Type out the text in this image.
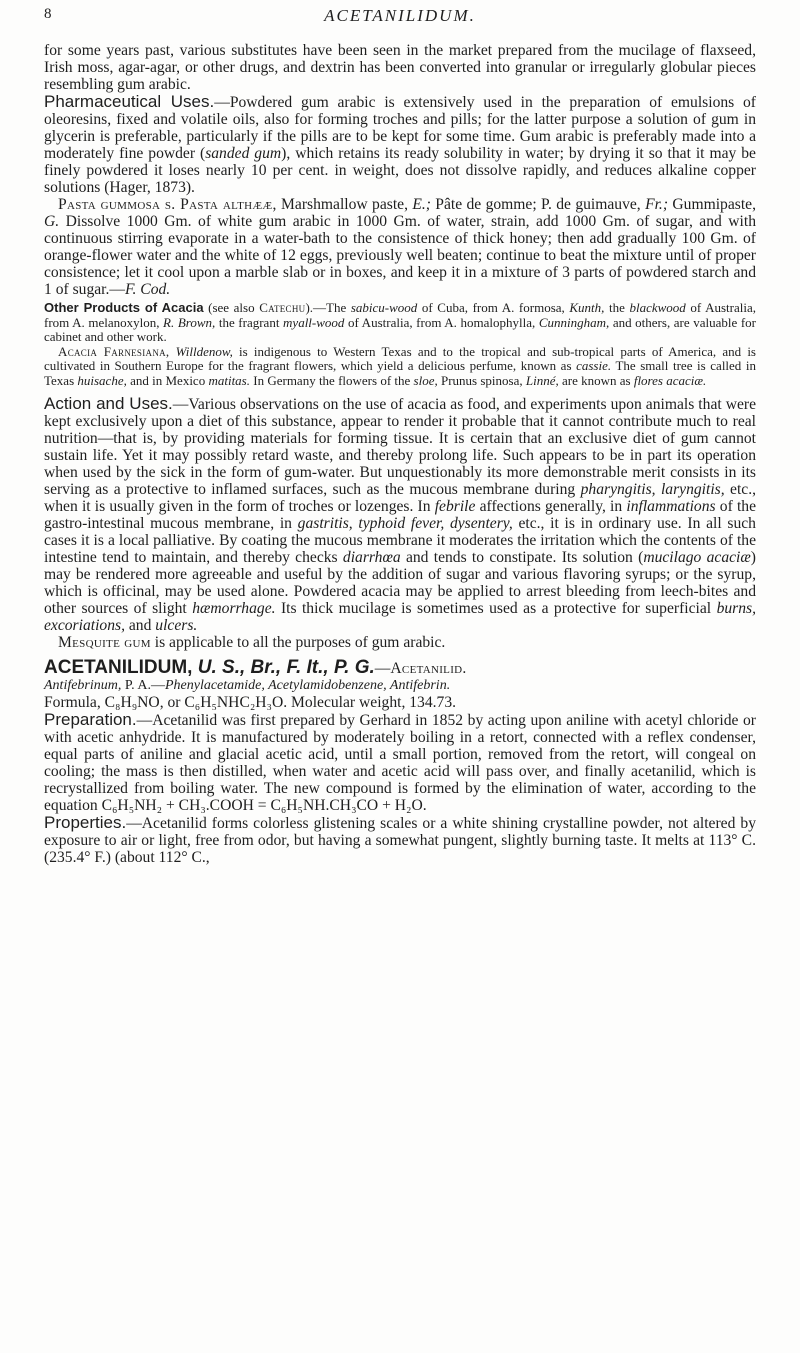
8	ACETANILIDUM.

for some years past, various substitutes have been seen in the market prepared from the mucilage of flaxseed, Irish moss, agar-agar, or other drugs, and dextrin has been converted into granular or irregularly globular pieces resembling gum arabic.

Pharmaceutical Uses.—Powdered gum arabic is extensively used in the preparation of emulsions of oleoresins, fixed and volatile oils, also for forming troches and pills; for the latter purpose a solution of gum in glycerin is preferable, particularly if the pills are to be kept for some time. Gum arabic is preferably made into a moderately fine powder (sanded gum), which retains its ready solubility in water; by drying it so that it may be finely powdered it loses nearly 10 per cent. in weight, does not dissolve rapidly, and reduces alkaline copper solutions (Hager, 1873).

Pasta gummosa s. Pasta althææ, Marshmallow paste, E.; Pâte de gomme; P. de guimauve, Fr.; Gummipaste, G. Dissolve 1000 Gm. of white gum arabic in 1000 Gm. of water, strain, add 1000 Gm. of sugar, and with continuous stirring evaporate in a water-bath to the consistence of thick honey; then add gradually 100 Gm. of orange-flower water and the white of 12 eggs, previously well beaten; continue to beat the mixture until of proper consistence; let it cool upon a marble slab or in boxes, and keep it in a mixture of 3 parts of powdered starch and 1 of sugar.—F. Cod.

Other Products of Acacia (see also Catechu).—The sabicu-wood of Cuba, from A. formosa, Kunth, the blackwood of Australia, from A. melanoxylon, R. Brown, the fragrant myall-wood of Australia, from A. homalophylla, Cunningham, and others, are valuable for cabinet and other work.

Acacia Farnesiana, Willdenow, is indigenous to Western Texas and to the tropical and sub-tropical parts of America, and is cultivated in Southern Europe for the fragrant flowers, which yield a delicious perfume, known as cassie. The small tree is called in Texas huisache, and in Mexico matitas. In Germany the flowers of the sloe, Prunus spinosa, Linné, are known as flores acaciæ.

Action and Uses.—Various observations on the use of acacia as food, and experiments upon animals that were kept exclusively upon a diet of this substance, appear to render it probable that it cannot contribute much to real nutrition—that is, by providing materials for forming tissue. It is certain that an exclusive diet of gum cannot sustain life. Yet it may possibly retard waste, and thereby prolong life. Such appears to be in part its operation when used by the sick in the form of gum-water. But unquestionably its more demonstrable merit consists in its serving as a protective to inflamed surfaces, such as the mucous membrane during pharyngitis, laryngitis, etc., when it is usually given in the form of troches or lozenges. In febrile affections generally, in inflammations of the gastro-intestinal mucous membrane, in gastritis, typhoid fever, dysentery, etc., it is in ordinary use. In all such cases it is a local palliative. By coating the mucous membrane it moderates the irritation which the contents of the intestine tend to maintain, and thereby checks diarrhœa and tends to constipate. Its solution (mucilago acaciæ) may be rendered more agreeable and useful by the addition of sugar and various flavoring syrups; or the syrup, which is officinal, may be used alone. Powdered acacia may be applied to arrest bleeding from leech-bites and other sources of slight hæmorrhage. Its thick mucilage is sometimes used as a protective for superficial burns, excoriations, and ulcers.

Mesquite gum is applicable to all the purposes of gum arabic.

ACETANILIDUM, U. S., Br., F. It., P. G.—Acetanilid.

Antifebrinum, P. A.—Phenylacetamide, Acetylamidobenzene, Antifebrin.

Formula, C₈H₉NO, or C₆H₅NHC₂H₃O. Molecular weight, 134.73.

Preparation.—Acetanilid was first prepared by Gerhard in 1852 by acting upon aniline with acetyl chloride or with acetic anhydride. It is manufactured by moderately boiling in a retort, connected with a reflex condenser, equal parts of aniline and glacial acetic acid, until a small portion, removed from the retort, will congeal on cooling; the mass is then distilled, when water and acetic acid will pass over, and finally acetanilid, which is recrystallized from boiling water. The new compound is formed by the elimination of water, according to the equation C₆H₅NH₂ + CH₃.COOH = C₆H₅NH.CH₃CO + H₂O.

Properties.—Acetanilid forms colorless glistening scales or a white shining crystalline powder, not altered by exposure to air or light, free from odor, but having a somewhat pungent, slightly burning taste. It melts at 113° C. (235.4° F.) (about 112° C.,
